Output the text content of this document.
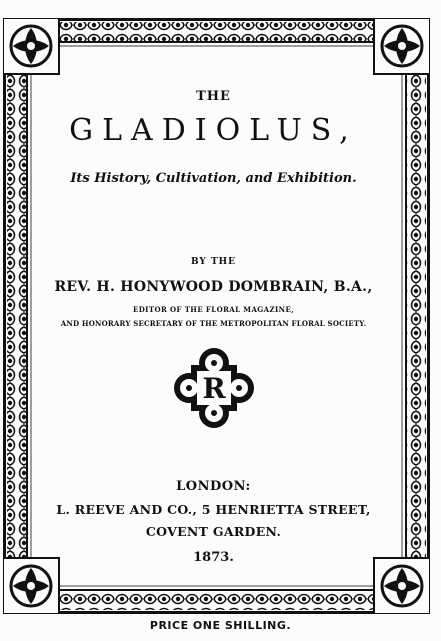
THE
GLADIOLUS,
Its History, Cultivation, and Exhibition.
BY THE
REV. H. HONYWOOD DOMBRAIN, B.A.,
EDITOR OF THE FLORAL MAGAZINE,
AND HONORARY SECRETARY OF THE METROPOLITAN FLORAL SOCIETY.
R
LONDON:
L. REEVE AND CO., 5 HENRIETTA STREET,
COVENT GARDEN.
1873.
PRICE ONE SHILLING.
